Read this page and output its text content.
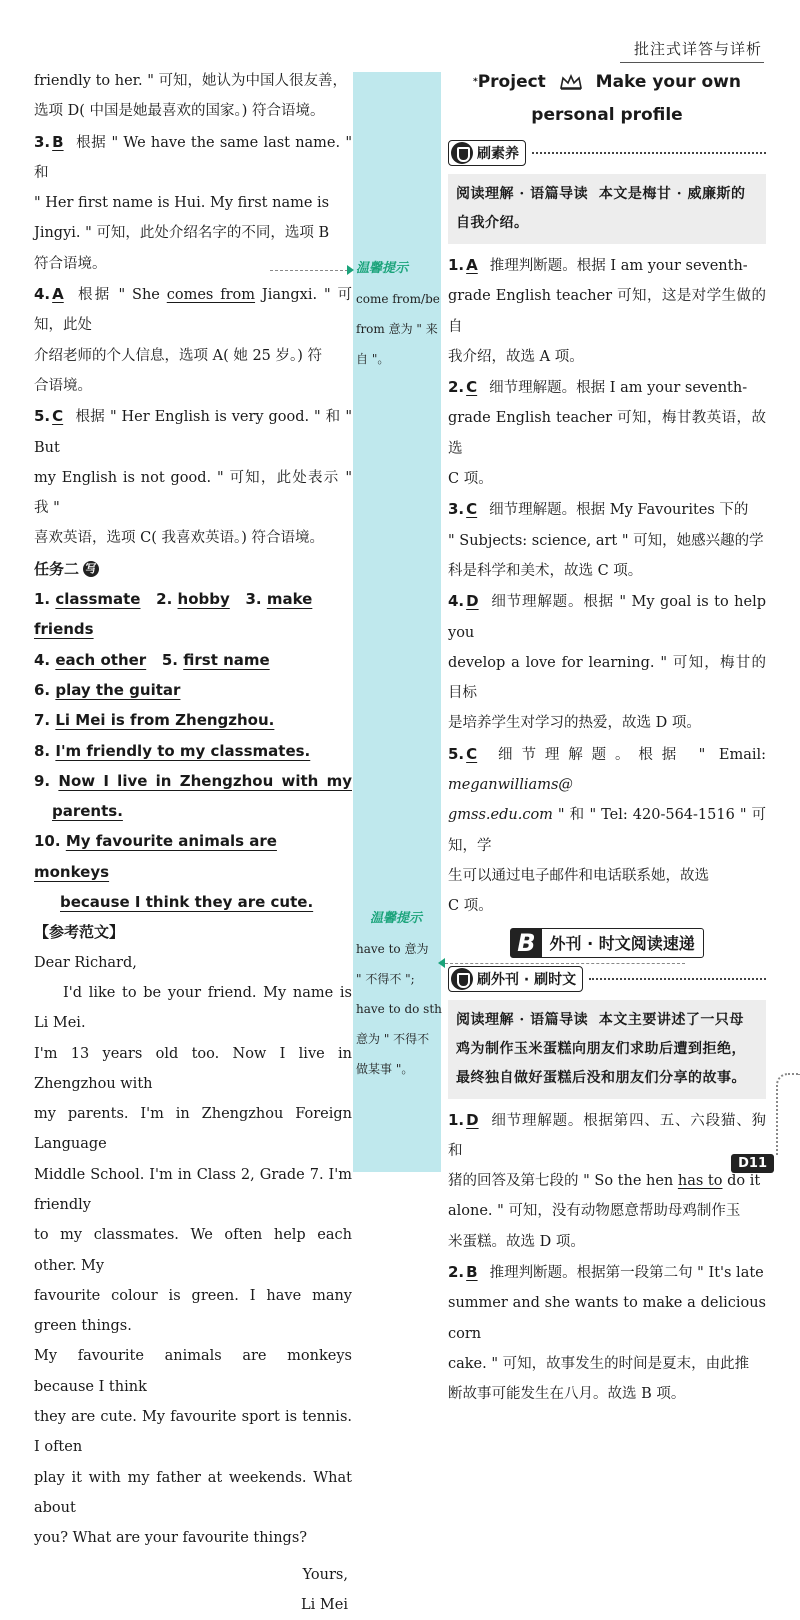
批注式详答与详析

friendly to her. " 可知，她认为中国人很友善，

选项 D( 中国是她最喜欢的国家。) 符合语境。

3. B 根据 " We have the same last name. " 和

" Her first name is Hui. My first name is

Jingyi. " 可知，此处介绍名字的不同，选项 B

符合语境。

4. A 根据 " She comes from Jiangxi. " 可知，此处

介绍老师的个人信息，选项 A( 她 25 岁。) 符

合语境。

5. C 根据 " Her English is very good. " 和 " But

my English is not good. " 可知，此处表示 " 我 "

喜欢英语，选项 C( 我喜欢英语。) 符合语境。

任务二 写

1. classmate 2. hobby 3. make friends

4. each other 5. first name

6. play the guitar

7. Li Mei is from Zhengzhou.

8. I'm friendly to my classmates.

9. Now I live in Zhengzhou with my

parents.

10. My favourite animals are monkeys

because I think they are cute.

【参考范文】

Dear Richard,

I'd like to be your friend. My name is Li Mei.

I'm 13 years old too. Now I live in Zhengzhou with

my parents. I'm in Zhengzhou Foreign Language

Middle School. I'm in Class 2, Grade 7. I'm friendly

to my classmates. We often help each other. My

favourite colour is green. I have many green things.

My favourite animals are monkeys because I think

they are cute. My favourite sport is tennis. I often

play it with my father at weekends. What about

you? What are your favourite things?

Yours,

Li Mei

温馨提示
come from/be
from 意为 " 来
自 "。
温馨提示
have to 意为
" 不得不 ";
have to do sth
意为 " 不得不
做某事 "。

*Project	Make your own

personal profile

刷素养
阅读理解 · 语篇导读 本文是梅甘 · 威廉斯的自我介绍。

1. A 推理判断题。根据 I am your seventh-

grade English teacher 可知，这是对学生做的自

我介绍，故选 A 项。

2. C 细节理解题。根据 I am your seventh-

grade English teacher 可知，梅甘教英语，故选

C 项。

3. C 细节理解题。根据 My Favourites 下的

" Subjects: science, art " 可知，她感兴趣的学

科是科学和美术，故选 C 项。

4. D 细节理解题。根据 " My goal is to help you

develop a love for learning. " 可知，梅甘的目标

是培养学生对学习的热爱，故选 D 项。

5. C 细节理解题。根据 " Email: meganwilliams@

gmss.edu.com " 和 " Tel: 420-564-1516 " 可知，学

生可以通过电子邮件和电话联系她，故选

C 项。

B 外刊 · 时文阅读速递
刷外刊 · 刷时文
阅读理解 · 语篇导读 本文主要讲述了一只母鸡为制作玉米蛋糕向朋友们求助后遭到拒绝，最终独自做好蛋糕后没和朋友们分享的故事。

1. D 细节理解题。根据第四、五、六段猫、狗和

猪的回答及第七段的 " So the hen has to do it

alone. " 可知，没有动物愿意帮助母鸡制作玉

米蛋糕。故选 D 项。

2. B 推理判断题。根据第一段第二句 " It's late

summer and she wants to make a delicious corn

cake. " 可知，故事发生的时间是夏末，由此推

断故事可能发生在八月。故选 B 项。

D11
